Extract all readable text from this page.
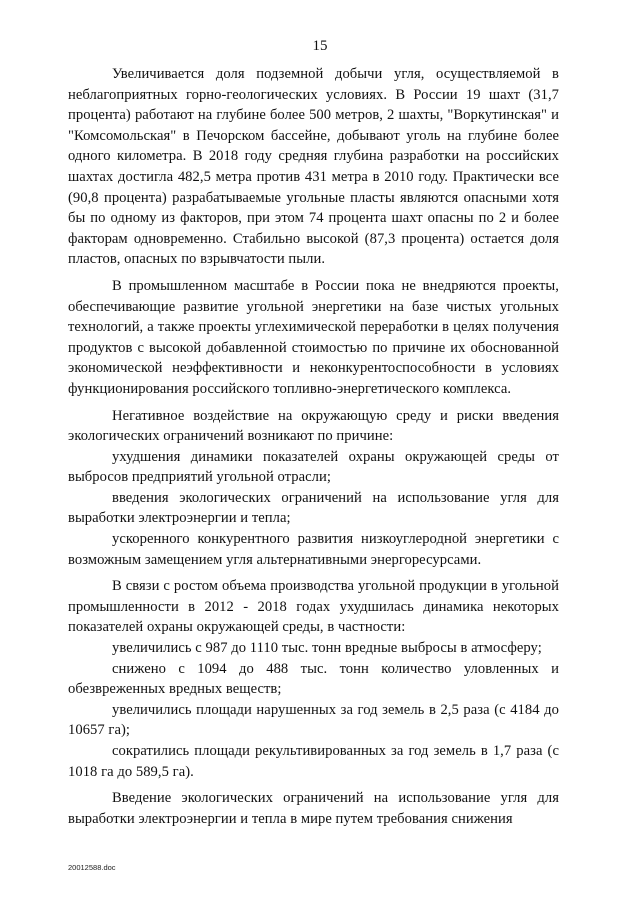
15

Увеличивается доля подземной добычи угля, осуществляемой в неблагоприятных горно-геологических условиях. В России 19 шахт (31,7 процента) работают на глубине более 500 метров, 2 шахты, "Воркутинская" и "Комсомольская" в Печорском бассейне, добывают уголь на глубине более одного километра. В 2018 году средняя глубина разработки на российских шахтах достигла 482,5 метра против 431 метра в 2010 году. Практически все (90,8 процента) разрабатываемые угольные пласты являются опасными хотя бы по одному из факторов, при этом 74 процента шахт опасны по 2 и более факторам одновременно. Стабильно высокой (87,3 процента) остается доля пластов, опасных по взрывчатости пыли.

В промышленном масштабе в России пока не внедряются проекты, обеспечивающие развитие угольной энергетики на базе чистых угольных технологий, а также проекты углехимической переработки в целях получения продуктов с высокой добавленной стоимостью по причине их обоснованной экономической неэффективности и неконкурентоспособности в условиях функционирования российского топливно-энергетического комплекса.

Негативное воздействие на окружающую среду и риски введения экологических ограничений возникают по причине:

ухудшения динамики показателей охраны окружающей среды от выбросов предприятий угольной отрасли;

введения экологических ограничений на использование угля для выработки электроэнергии и тепла;

ускоренного конкурентного развития низкоуглеродной энергетики с возможным замещением угля альтернативными энергоресурсами.

В связи с ростом объема производства угольной продукции в угольной промышленности в 2012 - 2018 годах ухудшилась динамика некоторых показателей охраны окружающей среды, в частности:

увеличились с 987 до 1110 тыс. тонн вредные выбросы в атмосферу;

снижено с 1094 до 488 тыс. тонн количество уловленных и обезвреженных вредных веществ;

увеличились площади нарушенных за год земель в 2,5 раза (с 4184 до 10657 га);

сократились площади рекультивированных за год земель в 1,7 раза (с 1018 га до 589,5 га).

Введение экологических ограничений на использование угля для выработки электроэнергии и тепла в мире путем требования снижения

20012588.doc
